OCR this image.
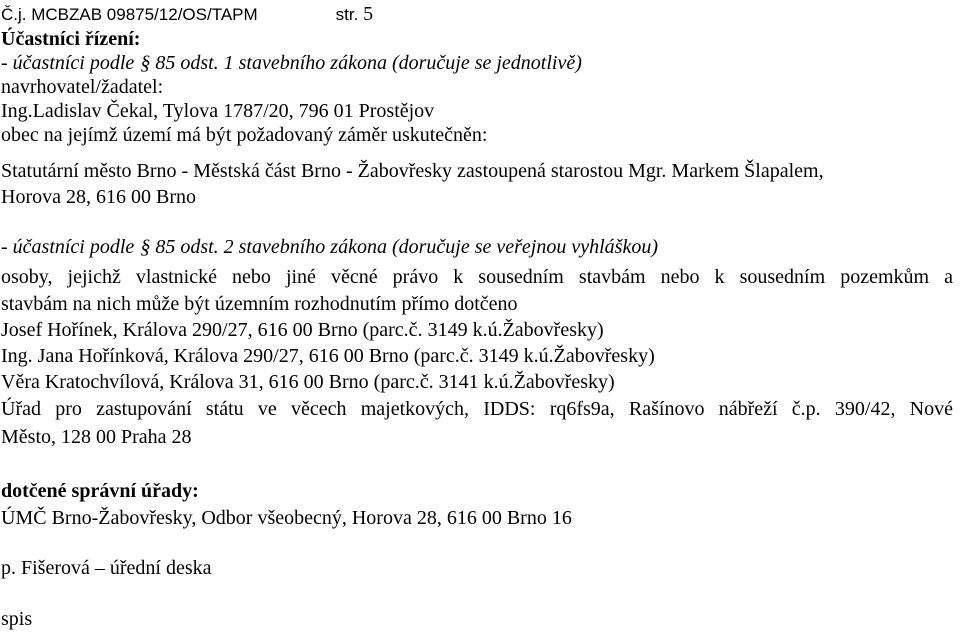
Č.j. MCBZAB 09875/12/OS/TAPM	str. 5
Účastníci řízení:
- účastníci podle § 85 odst. 1 stavebního zákona (doručuje se jednotlivě)
navrhovatel/žadatel:
Ing.Ladislav Čekal, Tylova 1787/20, 796 01 Prostějov
obec na jejímž území má být požadovaný záměr uskutečněn:
Statutární město Brno - Městská část Brno - Žabovřesky zastoupená starostou Mgr. Markem Šlapalem,
Horova 28, 616 00 Brno
- účastníci podle § 85 odst. 2 stavebního zákona (doručuje se veřejnou vyhláškou)
osoby, jejichž vlastnické nebo jiné věcné právo k sousedním stavbám nebo k sousedním pozemkům a
stavbám na nich může být územním rozhodnutím přímo dotčeno
Josef Hořínek, Králova 290/27, 616 00 Brno (parc.č. 3149 k.ú.Žabovřesky)
Ing. Jana Hořínková, Králova 290/27, 616 00 Brno (parc.č. 3149 k.ú.Žabovřesky)
Věra Kratochvílová, Králova 31, 616 00 Brno (parc.č. 3141 k.ú.Žabovřesky)
Úřad pro zastupování státu ve věcech majetkových, IDDS: rq6fs9a, Rašínovo nábřeží č.p. 390/42, Nové
Město, 128 00 Praha 28
dotčené správní úřady:
ÚMČ Brno-Žabovřesky, Odbor všeobecný, Horova 28, 616 00 Brno 16
p. Fišerová – úřední deska
spis
